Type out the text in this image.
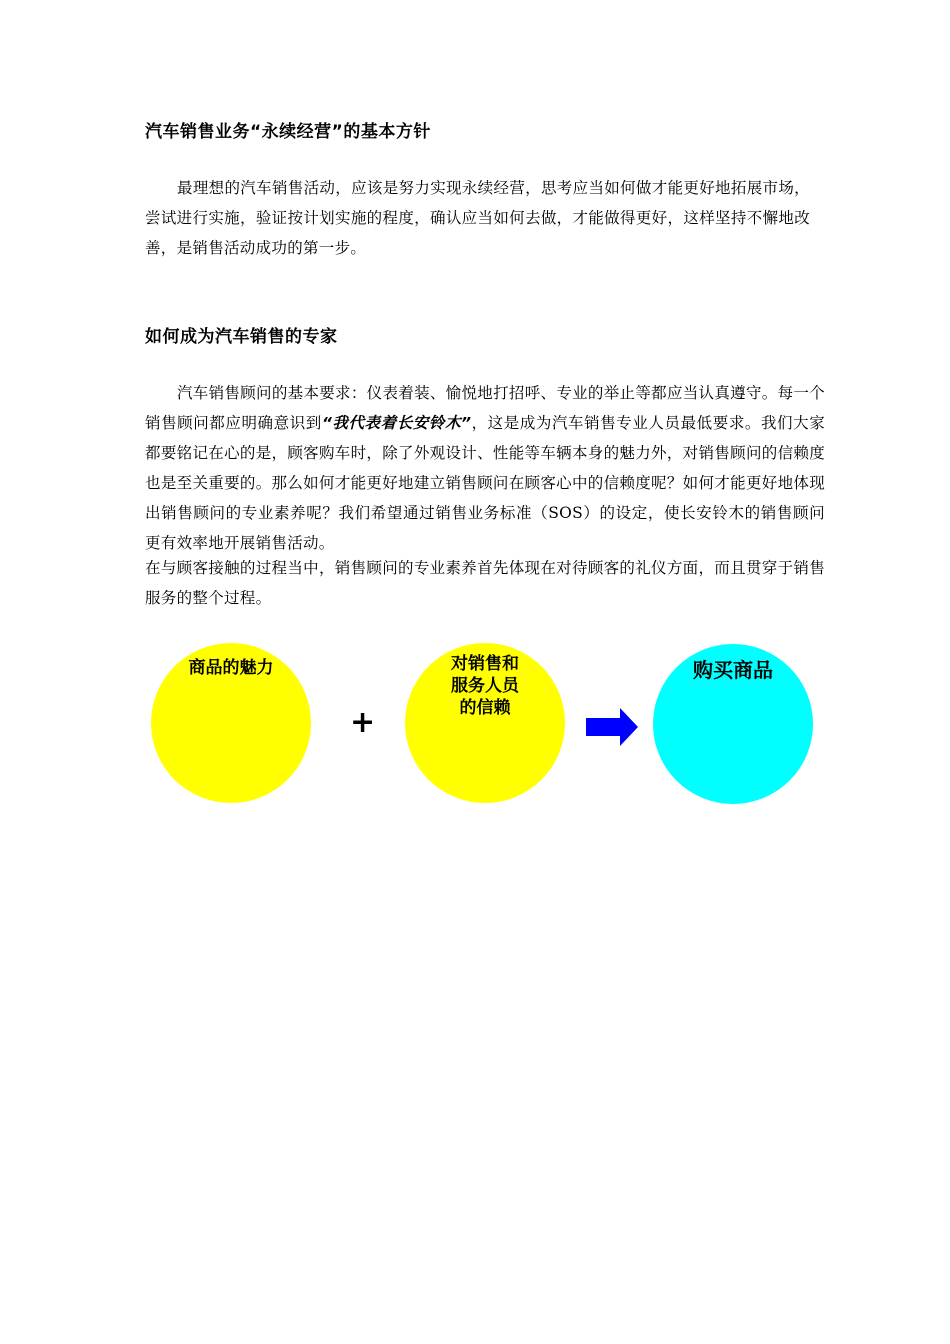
汽车销售业务“永续经营”的基本方针

最理想的汽车销售活动，应该是努力实现永续经营，思考应当如何做才能更好地拓展市场，尝试进行实施，验证按计划实施的程度，确认应当如何去做，才能做得更好，这样坚持不懈地改善，是销售活动成功的第一步。

如何成为汽车销售的专家

汽车销售顾问的基本要求：仪表着装、愉悦地打招呼、专业的举止等都应当认真遵守。每一个销售顾问都应明确意识到“我代表着长安铃木”，这是成为汽车销售专业人员最低要求。我们大家都要铭记在心的是，顾客购车时，除了外观设计、性能等车辆本身的魅力外，对销售顾问的信赖度也是至关重要的。那么如何才能更好地建立销售顾问在顾客心中的信赖度呢？如何才能更好地体现出销售顾问的专业素养呢？我们希望通过销售业务标准（SOS）的设定，使长安铃木的销售顾问更有效率地开展销售活动。

在与顾客接触的过程当中，销售顾问的专业素养首先体现在对待顾客的礼仪方面，而且贯穿于销售服务的整个过程。

商品的魅力
+
对销售和
服务人员
的信赖
购买商品
